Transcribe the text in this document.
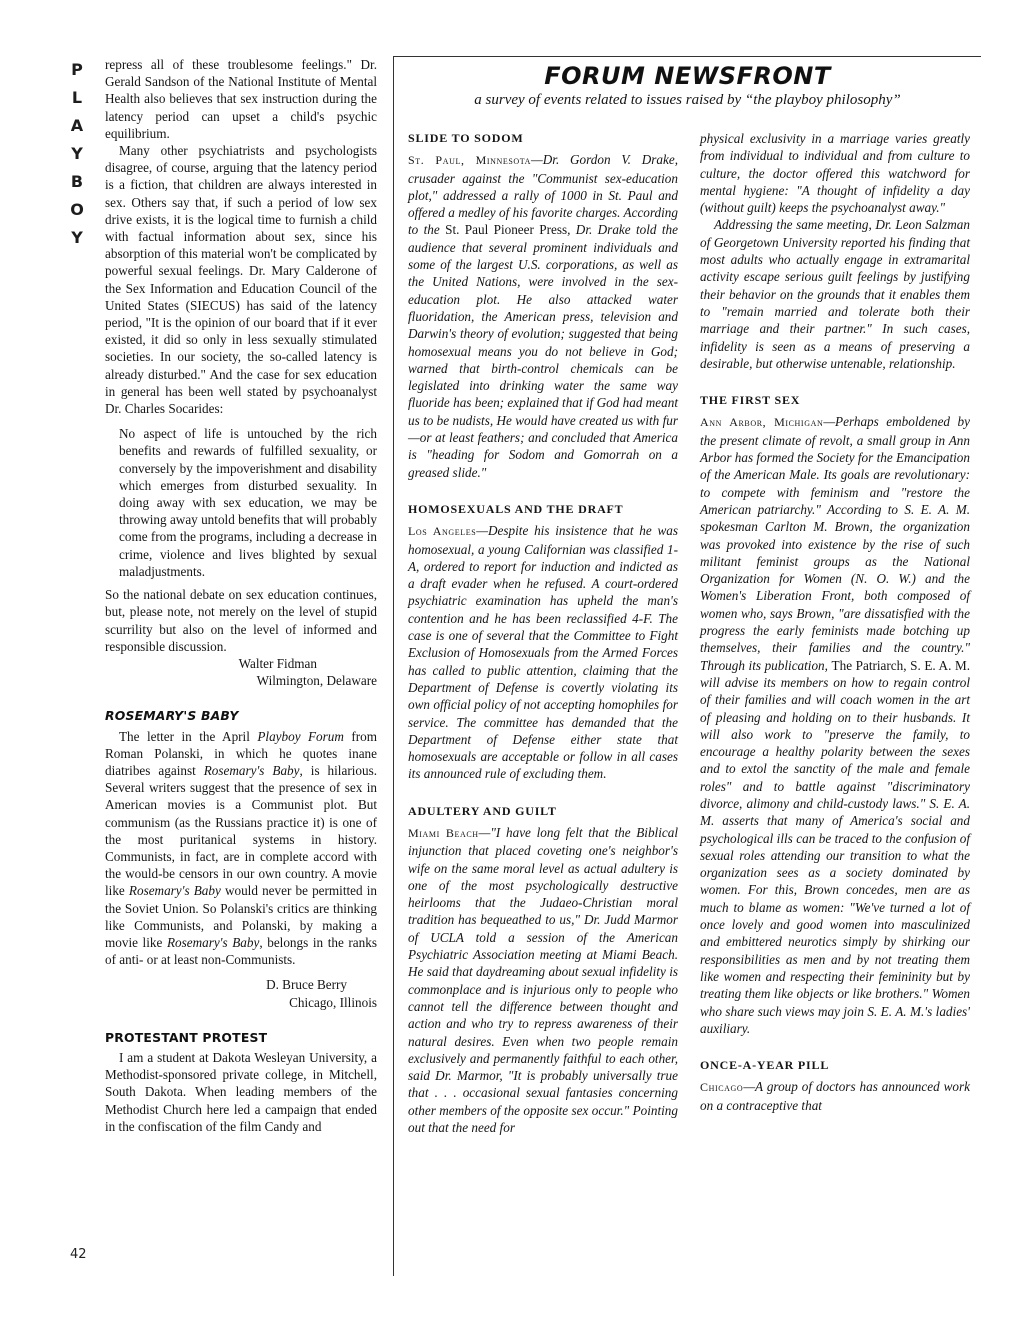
P
L
A
Y
B
O
Y
42

repress all of these troublesome feelings." Dr. Gerald Sandson of the National Institute of Mental Health also believes that sex instruction during the latency period can upset a child's psychic equilibrium.

Many other psychiatrists and psychologists disagree, of course, arguing that the latency period is a fiction, that children are always interested in sex. Others say that, if such a period of low sex drive exists, it is the logical time to furnish a child with factual information about sex, since his absorption of this material won't be complicated by powerful sexual feelings. Dr. Mary Calderone of the Sex Information and Education Council of the United States (SIECUS) has said of the latency period, "It is the opinion of our board that if it ever existed, it did so only in less sexually stimulated societies. In our society, the so-called latency is already disturbed." And the case for sex education in general has been well stated by psychoanalyst Dr. Charles Socarides:

No aspect of life is untouched by the rich benefits and rewards of fulfilled sexuality, or conversely by the impoverishment and disability which emerges from disturbed sexuality. In doing away with sex education, we may be throwing away untold benefits that will probably come from the programs, including a decrease in crime, violence and lives blighted by sexual maladjustments.

So the national debate on sex education continues, but, please note, not merely on the level of stupid scurrility but also on the level of informed and responsible discussion.

Walter Fidman

Wilmington, Delaware

ROSEMARY'S BABY

The letter in the April Playboy Forum from Roman Polanski, in which he quotes inane diatribes against Rosemary's Baby, is hilarious. Several writers suggest that the presence of sex in American movies is a Communist plot. But communism (as the Russians practice it) is one of the most puritanical systems in history. Communists, in fact, are in complete accord with the would-be censors in our own country. A movie like Rosemary's Baby would never be permitted in the Soviet Union. So Polanski's critics are thinking like Communists, and Polanski, by making a movie like Rosemary's Baby, belongs in the ranks of anti- or at least non-Communists.

D. Bruce Berry

Chicago, Illinois

PROTESTANT PROTEST

I am a student at Dakota Wesleyan University, a Methodist-sponsored private college, in Mitchell, South Dakota. When leading members of the Methodist Church here led a campaign that ended in the confiscation of the film Candy and

FORUM NEWSFRONT
a survey of events related to issues raised by “the playboy philosophy”
SLIDE TO SODOM

St. Paul, Minnesota—Dr. Gordon V. Drake, crusader against the "Communist sex-education plot," addressed a rally of 1000 in St. Paul and offered a medley of his favorite charges. According to the St. Paul Pioneer Press, Dr. Drake told the audience that several prominent individuals and some of the largest U.S. corporations, as well as the United Nations, were involved in the sex-education plot. He also attacked water fluoridation, the American press, television and Darwin's theory of evolution; suggested that being homosexual means you do not believe in God; warned that birth-control chemicals can be legislated into drinking water the same way fluoride has been; explained that if God had meant us to be nudists, He would have created us with fur—or at least feathers; and concluded that America is "heading for Sodom and Gomorrah on a greased slide."

HOMOSEXUALS AND THE DRAFT

Los Angeles—Despite his insistence that he was homosexual, a young Californian was classified 1-A, ordered to report for induction and indicted as a draft evader when he refused. A court-ordered psychiatric examination has upheld the man's contention and he has been reclassified 4-F. The case is one of several that the Committee to Fight Exclusion of Homosexuals from the Armed Forces has called to public attention, claiming that the Department of Defense is covertly violating its own official policy of not accepting homophiles for service. The committee has demanded that the Department of Defense either state that homosexuals are acceptable or follow in all cases its announced rule of excluding them.

ADULTERY AND GUILT

Miami Beach—"I have long felt that the Biblical injunction that placed coveting one's neighbor's wife on the same moral level as actual adultery is one of the most psychologically destructive heirlooms that the Judaeo-Christian moral tradition has bequeathed to us," Dr. Judd Marmor of UCLA told a session of the American Psychiatric Association meeting at Miami Beach. He said that daydreaming about sexual infidelity is commonplace and is injurious only to people who cannot tell the difference between thought and action and who try to repress awareness of their natural desires. Even when two people remain exclusively and permanently faithful to each other, said Dr. Marmor, "It is probably universally true that . . . occasional sexual fantasies concerning other members of the opposite sex occur." Pointing out that the need for

physical exclusivity in a marriage varies greatly from individual to individual and from culture to culture, the doctor offered this watchword for mental hygiene: "A thought of infidelity a day (without guilt) keeps the psychoanalyst away."

Addressing the same meeting, Dr. Leon Salzman of Georgetown University reported his finding that most adults who actually engage in extramarital activity escape serious guilt feelings by justifying their behavior on the grounds that it enables them to "remain married and tolerate both their marriage and their partner." In such cases, infidelity is seen as a means of preserving a desirable, but otherwise untenable, relationship.

THE FIRST SEX

Ann Arbor, Michigan—Perhaps emboldened by the present climate of revolt, a small group in Ann Arbor has formed the Society for the Emancipation of the American Male. Its goals are revolutionary: to compete with feminism and "restore the American patriarchy." According to S. E. A. M. spokesman Carlton M. Brown, the organization was provoked into existence by the rise of such militant feminist groups as the National Organization for Women (N. O. W.) and the Women's Liberation Front, both composed of women who, says Brown, "are dissatisfied with the progress the early feminists made botching up themselves, their families and the country." Through its publication, The Patriarch, S. E. A. M. will advise its members on how to regain control of their families and will coach women in the art of pleasing and holding on to their husbands. It will also work to "preserve the family, to encourage a healthy polarity between the sexes and to extol the sanctity of the male and female roles" and to battle against "discriminatory divorce, alimony and child-custody laws." S. E. A. M. asserts that many of America's social and psychological ills can be traced to the confusion of sexual roles attending our transition to what the organization sees as a society dominated by women. For this, Brown concedes, men are as much to blame as women: "We've turned a lot of once lovely and good women into masculinized and embittered neurotics simply by shirking our responsibilities as men and by not treating them like women and respecting their femininity but by treating them like objects or like brothers." Women who share such views may join S. E. A. M.'s ladies' auxiliary.

ONCE-A-YEAR PILL

Chicago—A group of doctors has announced work on a contraceptive that
